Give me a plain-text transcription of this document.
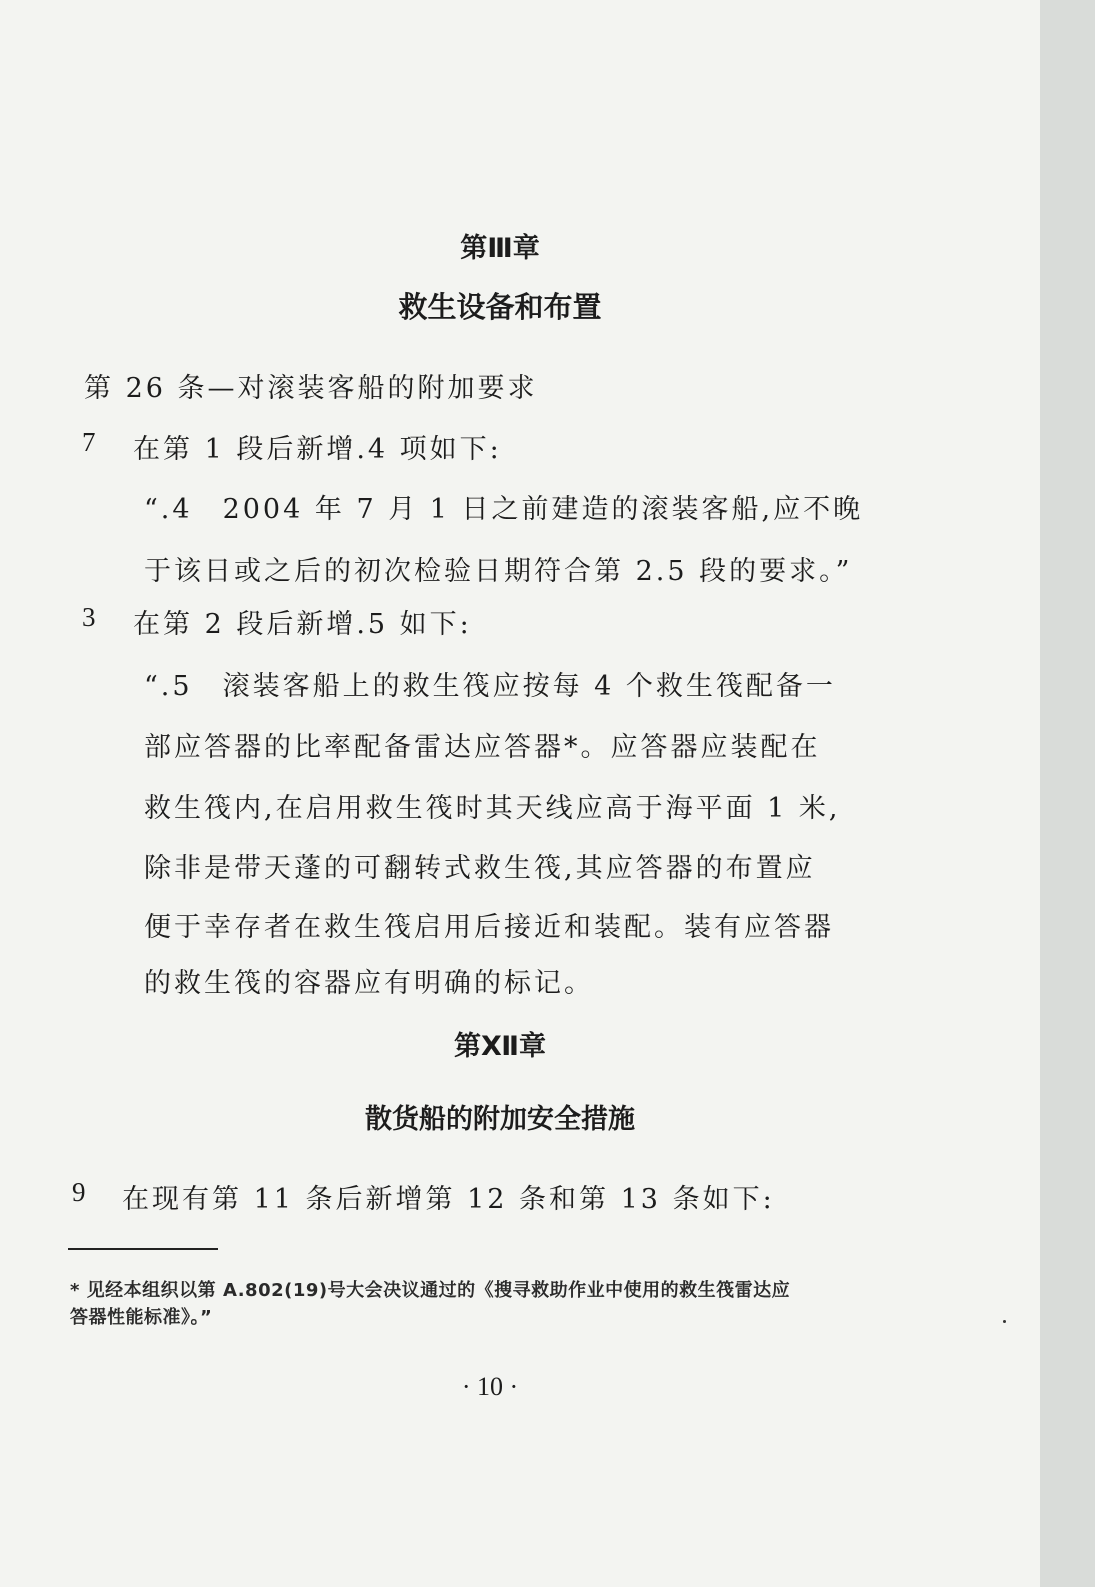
第Ⅲ章
救生设备和布置
第 26 条—对滚装客船的附加要求
7 在第 1 段后新增.4 项如下:
“.4　2004 年 7 月 1 日之前建造的滚装客船,应不晚
于该日或之后的初次检验日期符合第 2.5 段的要求。”
3 在第 2 段后新增.5 如下:
“.5　滚装客船上的救生筏应按每 4 个救生筏配备一
部应答器的比率配备雷达应答器*。应答器应装配在
救生筏内,在启用救生筏时其天线应高于海平面 1 米,
除非是带天蓬的可翻转式救生筏,其应答器的布置应
便于幸存者在救生筏启用后接近和装配。装有应答器
的救生筏的容器应有明确的标记。
第Ⅻ章
散货船的附加安全措施
9 在现有第 11 条后新增第 12 条和第 13 条如下:
* 见经本组织以第 A.802(19)号大会决议通过的《搜寻救助作业中使用的救生筏雷达应
答器性能标准》。”
· 10 ·
